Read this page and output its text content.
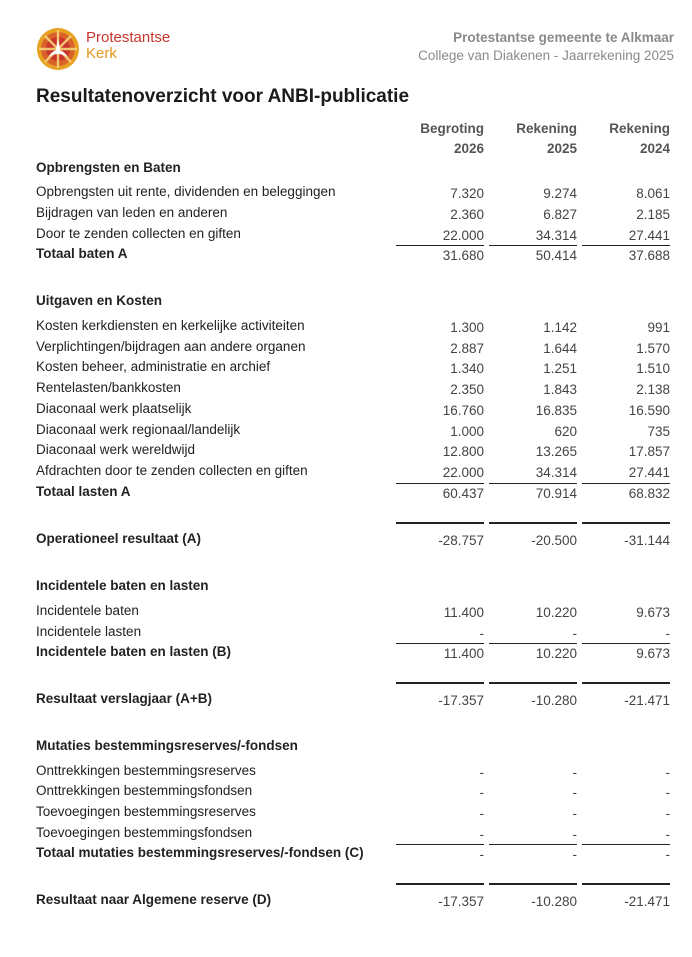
Protestantse
Kerk
Protestantse gemeente te Alkmaar
College van Diakenen - Jaarrekening 2025
Resultatenoverzicht voor ANBI-publicatie
Begroting
2026
Rekening
2025
Rekening
2024
Opbrengsten en Baten
Opbrengsten uit rente, dividenden en beleggingen	7.320	9.274	8.061
Bijdragen van leden en anderen	2.360	6.827	2.185
Door te zenden collecten en giften	22.000	34.314	27.441
Totaal baten A	31.680	50.414	37.688
Uitgaven en Kosten
Kosten kerkdiensten en kerkelijke activiteiten	1.300	1.142	991
Verplichtingen/bijdragen aan andere organen	2.887	1.644	1.570
Kosten beheer, administratie en archief	1.340	1.251	1.510
Rentelasten/bankkosten	2.350	1.843	2.138
Diaconaal werk plaatselijk	16.760	16.835	16.590
Diaconaal werk regionaal/landelijk	1.000	620	735
Diaconaal werk wereldwijd	12.800	13.265	17.857
Afdrachten door te zenden collecten en giften	22.000	34.314	27.441
Totaal lasten A	60.437	70.914	68.832
Operationeel resultaat (A)	-28.757	-20.500	-31.144
Incidentele baten en lasten
Incidentele baten	11.400	10.220	9.673
Incidentele lasten	-	-	-
Incidentele baten en lasten (B)	11.400	10.220	9.673
Resultaat verslagjaar (A+B)	-17.357	-10.280	-21.471
Mutaties bestemmingsreserves/-fondsen
Onttrekkingen bestemmingsreserves	-	-	-
Onttrekkingen bestemmingsfondsen	-	-	-
Toevoegingen bestemmingsreserves	-	-	-
Toevoegingen bestemmingsfondsen	-	-	-
Totaal mutaties bestemmingsreserves/-fondsen (C)	-	-	-
Resultaat naar Algemene reserve (D)	-17.357	-10.280	-21.471
